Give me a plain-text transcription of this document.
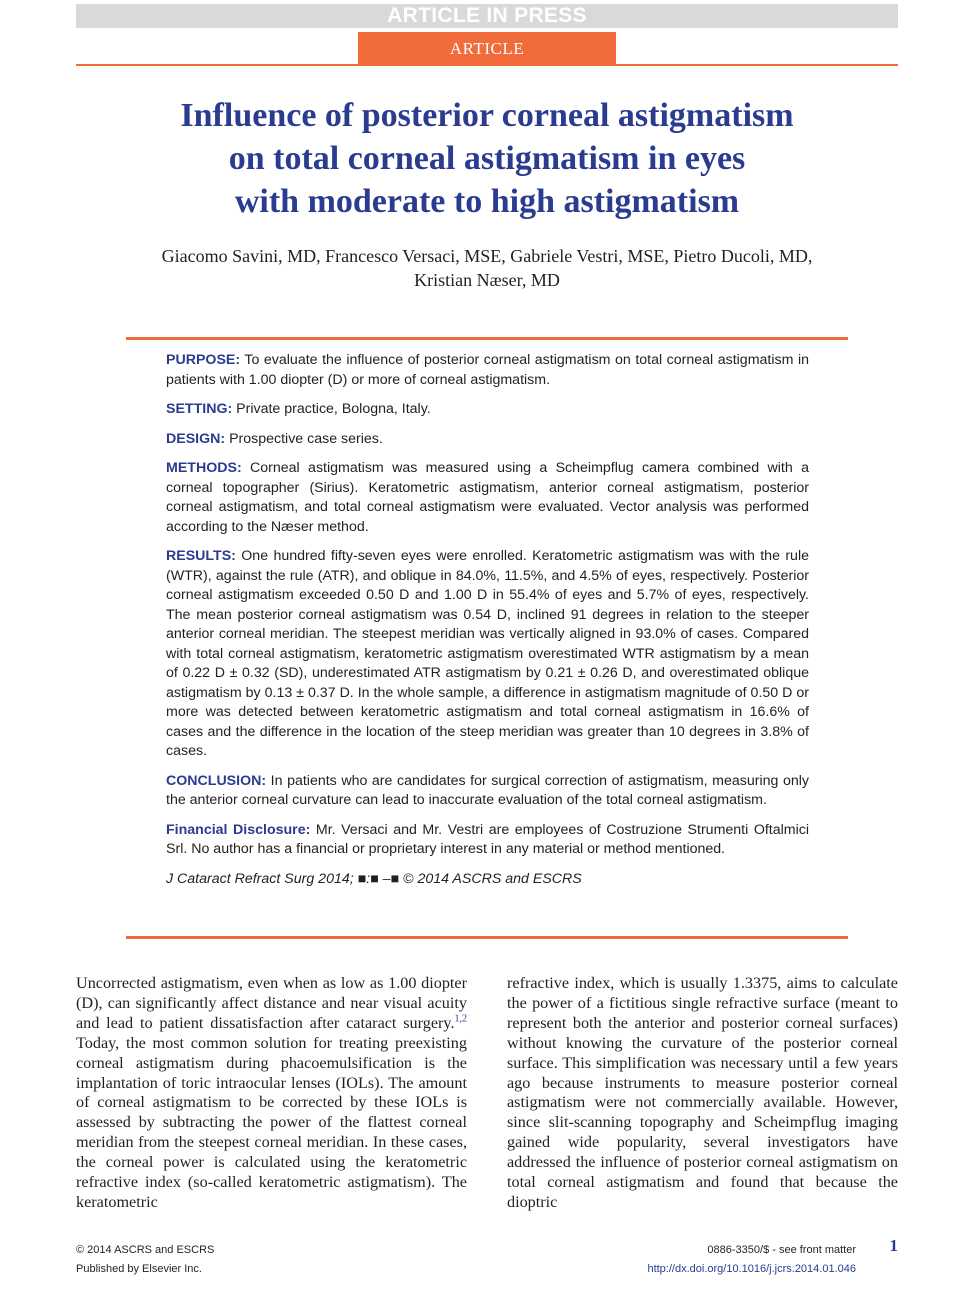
ARTICLE IN PRESS
ARTICLE
Influence of posterior corneal astigmatism
on total corneal astigmatism in eyes
with moderate to high astigmatism
Giacomo Savini, MD, Francesco Versaci, MSE, Gabriele Vestri, MSE, Pietro Ducoli, MD,
Kristian Næser, MD

PURPOSE: To evaluate the influence of posterior corneal astigmatism on total corneal astigmatism in patients with 1.00 diopter (D) or more of corneal astigmatism.

SETTING: Private practice, Bologna, Italy.

DESIGN: Prospective case series.

METHODS: Corneal astigmatism was measured using a Scheimpflug camera combined with a corneal topographer (Sirius). Keratometric astigmatism, anterior corneal astigmatism, posterior corneal astigmatism, and total corneal astigmatism were evaluated. Vector analysis was performed according to the Næser method.

RESULTS: One hundred fifty-seven eyes were enrolled. Keratometric astigmatism was with the rule (WTR), against the rule (ATR), and oblique in 84.0%, 11.5%, and 4.5% of eyes, respectively. Posterior corneal astigmatism exceeded 0.50 D and 1.00 D in 55.4% of eyes and 5.7% of eyes, respectively. The mean posterior corneal astigmatism was 0.54 D, inclined 91 degrees in relation to the steeper anterior corneal meridian. The steepest meridian was vertically aligned in 93.0% of cases. Compared with total corneal astigmatism, keratometric astigmatism overestimated WTR astigmatism by a mean of 0.22 D ± 0.32 (SD), underestimated ATR astigmatism by 0.21 ± 0.26 D, and overestimated oblique astigmatism by 0.13 ± 0.37 D. In the whole sample, a difference in astigmatism magnitude of 0.50 D or more was detected between keratometric astigmatism and total corneal astigmatism in 16.6% of cases and the difference in the location of the steep meridian was greater than 10 degrees in 3.8% of cases.

CONCLUSION: In patients who are candidates for surgical correction of astigmatism, measuring only the anterior corneal curvature can lead to inaccurate evaluation of the total corneal astigmatism.

Financial Disclosure: Mr. Versaci and Mr. Vestri are employees of Costruzione Strumenti Oftalmici Srl. No author has a financial or proprietary interest in any material or method mentioned.

J Cataract Refract Surg 2014; ■:■ –■ © 2014 ASCRS and ESCRS

Uncorrected astigmatism, even when as low as 1.00 diopter (D), can significantly affect distance and near visual acuity and lead to patient dissatisfaction after cataract surgery.$^{1,2}$ Today, the most common solution for treating preexisting corneal astigmatism during phacoemulsification is the implantation of toric intraocular lenses (IOLs). The amount of corneal astigmatism to be corrected by these IOLs is assessed by subtracting the power of the flattest corneal meridian from the steepest corneal meridian. In these cases, the corneal power is calculated using the keratometric refractive index (so-called keratometric astigmatism). The keratometric

refractive index, which is usually 1.3375, aims to calculate the power of a fictitious single refractive surface (meant to represent both the anterior and posterior corneal surfaces) without knowing the curvature of the posterior corneal surface. This simplification was necessary until a few years ago because instruments to measure posterior corneal astigmatism were not commercially available. However, since slit-scanning topography and Scheimpflug imaging gained wide popularity, several investigators have addressed the influence of posterior corneal astigmatism on total corneal astigmatism and found that because the dioptric

© 2014 ASCRS and ESCRS
Published by Elsevier Inc.
0886-3350/$ - see front matter
http://dx.doi.org/10.1016/j.jcrs.2014.01.046
1
